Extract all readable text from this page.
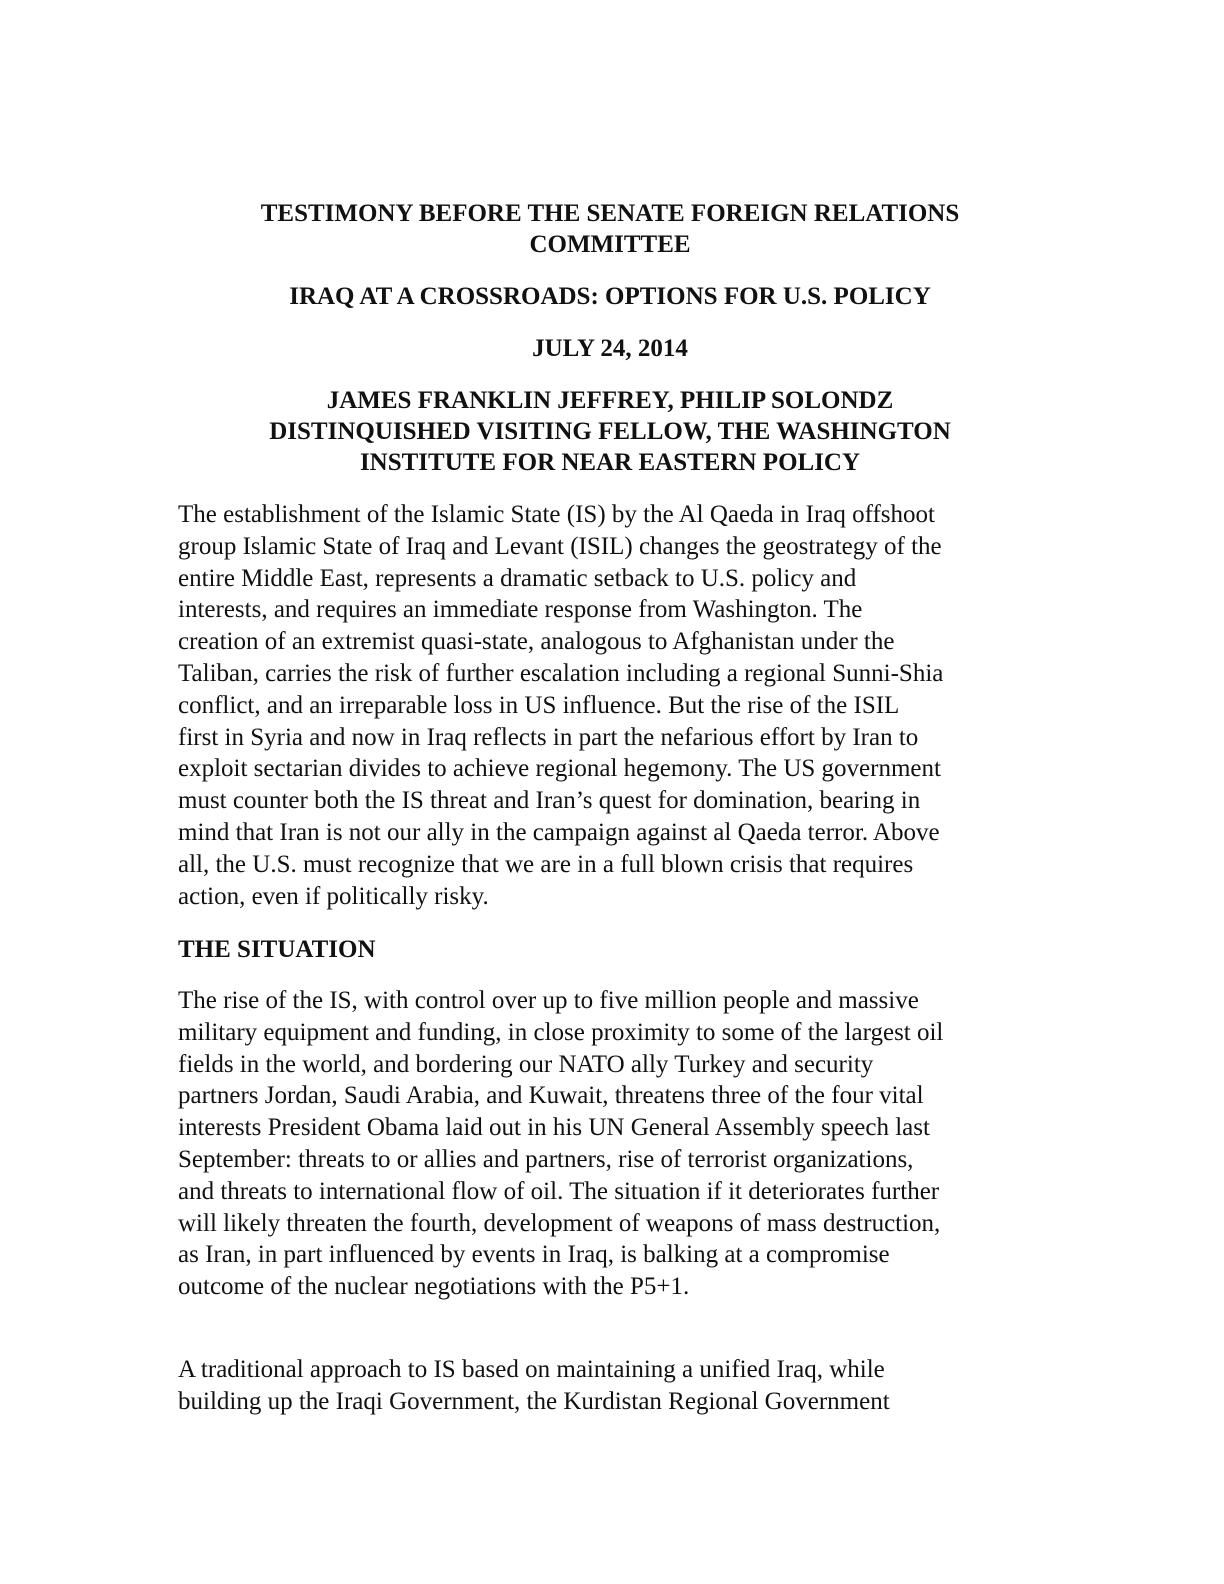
TESTIMONY BEFORE THE SENATE FOREIGN RELATIONS
COMMITTEE
IRAQ AT A CROSSROADS: OPTIONS FOR U.S. POLICY
JULY 24, 2014
JAMES FRANKLIN JEFFREY, PHILIP SOLONDZ
DISTINQUISHED VISITING FELLOW, THE WASHINGTON
INSTITUTE FOR NEAR EASTERN POLICY

The establishment of the Islamic State (IS) by the Al Qaeda in Iraq offshoot
group Islamic State of Iraq and Levant (ISIL) changes the geostrategy of the
entire Middle East, represents a dramatic setback to U.S. policy and
interests, and requires an immediate response from Washington. The
creation of an extremist quasi-state, analogous to Afghanistan under the
Taliban, carries the risk of further escalation including a regional Sunni-Shia
conflict, and an irreparable loss in US influence. But the rise of the ISIL
first in Syria and now in Iraq reflects in part the nefarious effort by Iran to
exploit sectarian divides to achieve regional hegemony. The US government
must counter both the IS threat and Iran’s quest for domination, bearing in
mind that Iran is not our ally in the campaign against al Qaeda terror. Above
all, the U.S. must recognize that we are in a full blown crisis that requires
action, even if politically risky.

THE SITUATION

The rise of the IS, with control over up to five million people and massive
military equipment and funding, in close proximity to some of the largest oil
fields in the world, and bordering our NATO ally Turkey and security
partners Jordan, Saudi Arabia, and Kuwait, threatens three of the four vital
interests President Obama laid out in his UN General Assembly speech last
September: threats to or allies and partners, rise of terrorist organizations,
and threats to international flow of oil. The situation if it deteriorates further
will likely threaten the fourth, development of weapons of mass destruction,
as Iran, in part influenced by events in Iraq, is balking at a compromise
outcome of the nuclear negotiations with the P5+1.

A traditional approach to IS based on maintaining a unified Iraq, while
building up the Iraqi Government, the Kurdistan Regional Government
